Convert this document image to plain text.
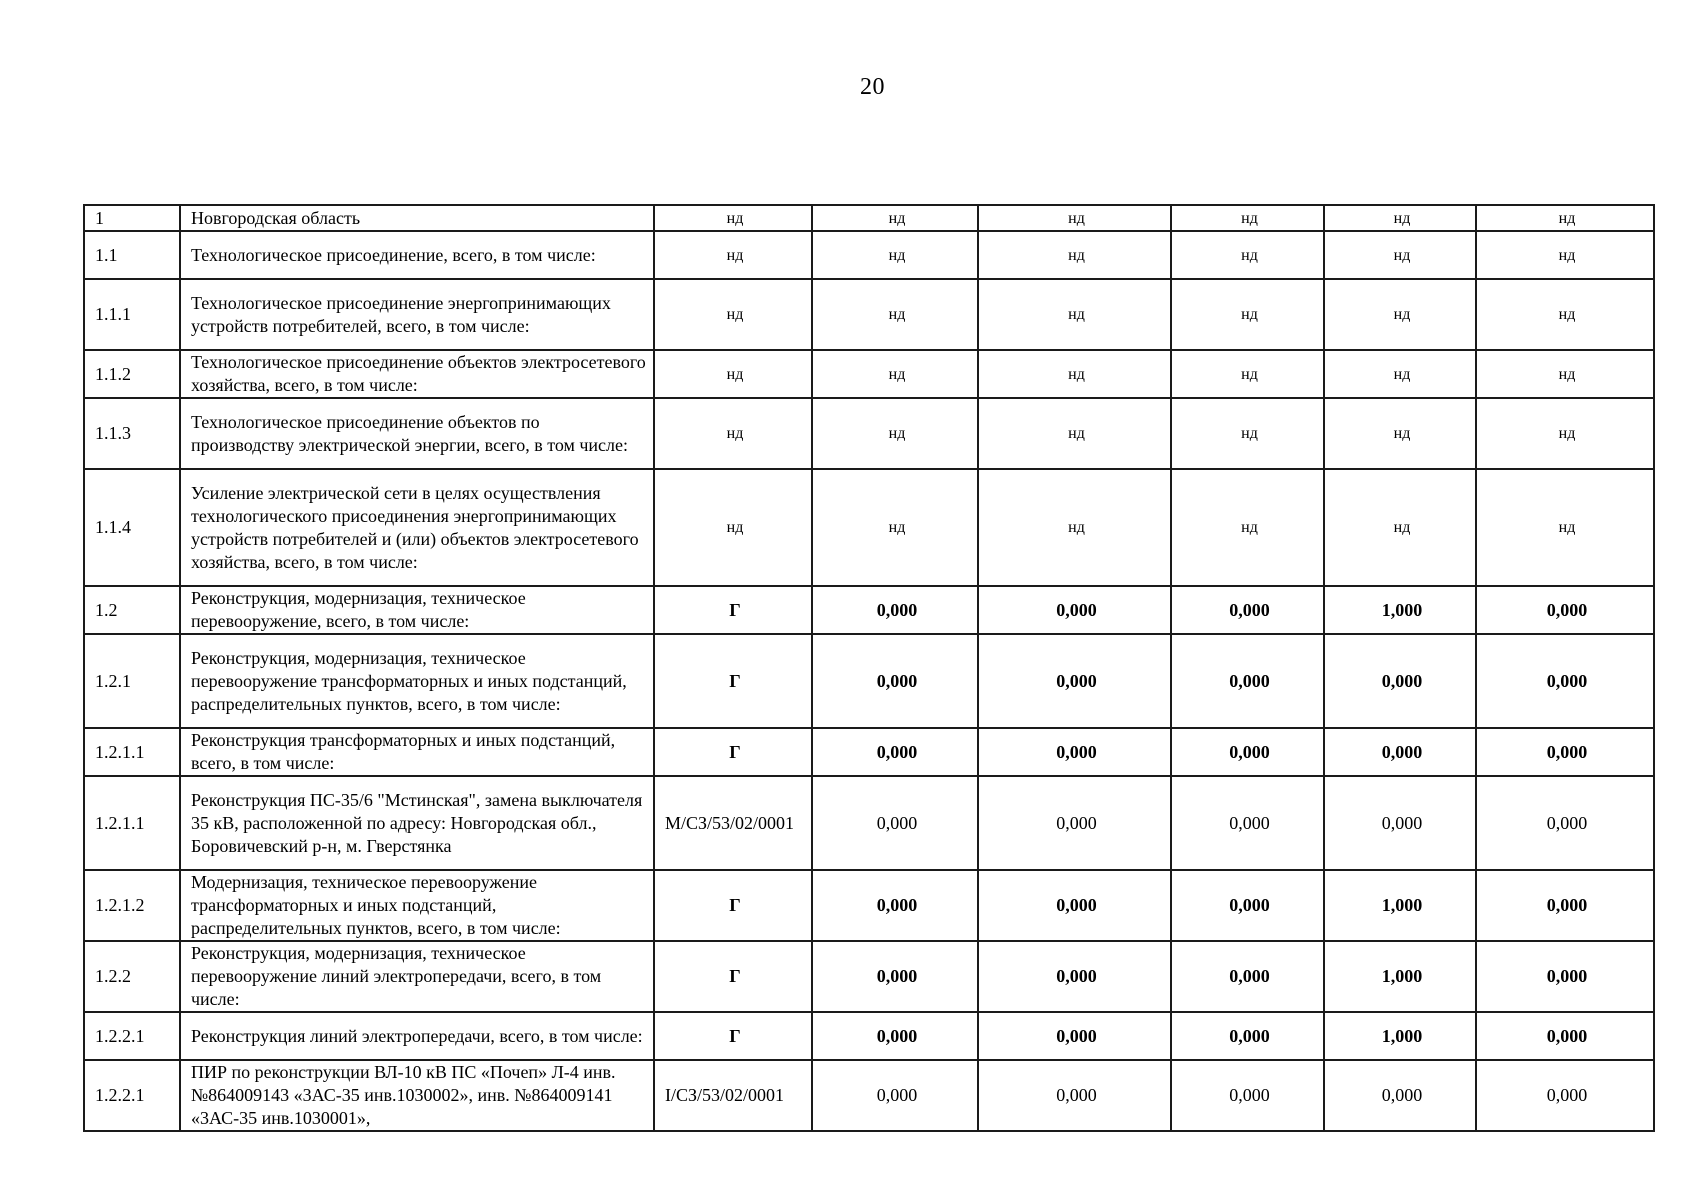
20
1	Новгородская область	нд	нд	нд	нд	нд	нд
1.1	Технологическое присоединение, всего, в том числе:	нд	нд	нд	нд	нд	нд
1.1.1	Технологическое присоединение энергопринимающих устройств потребителей, всего, в том числе:	нд	нд	нд	нд	нд	нд
1.1.2	Технологическое присоединение объектов электросетевого хозяйства, всего, в том числе:	нд	нд	нд	нд	нд	нд
1.1.3	Технологическое присоединение объектов по производству электрической энергии, всего, в том числе:	нд	нд	нд	нд	нд	нд
1.1.4	Усиление электрической сети в целях осуществления технологического присоединения энергопринимающих устройств потребителей и (или) объектов электросетевого хозяйства, всего, в том числе:	нд	нд	нд	нд	нд	нд
1.2	Реконструкция, модернизация, техническое перевооружение, всего, в том числе:	Г	0,000	0,000	0,000	1,000	0,000
1.2.1	Реконструкция, модернизация, техническое перевооружение трансформаторных и иных подстанций, распределительных пунктов, всего, в том числе:	Г	0,000	0,000	0,000	0,000	0,000
1.2.1.1	Реконструкция трансформаторных и иных подстанций, всего, в том числе:	Г	0,000	0,000	0,000	0,000	0,000
1.2.1.1	Реконструкция ПС-35/6 "Мстинская", замена выключателя 35 кВ, расположенной по адресу: Новгородская обл., Боровичевский р-н, м. Гверстянка	M/СЗ/53/02/0001	0,000	0,000	0,000	0,000	0,000
1.2.1.2	Модернизация, техническое перевооружение трансформаторных и иных подстанций, распределительных пунктов, всего, в том числе:	Г	0,000	0,000	0,000	1,000	0,000
1.2.2	Реконструкция, модернизация, техническое перевооружение линий электропередачи, всего, в том числе:	Г	0,000	0,000	0,000	1,000	0,000
1.2.2.1	Реконструкция линий электропередачи, всего, в том числе:	Г	0,000	0,000	0,000	1,000	0,000
1.2.2.1	ПИР по реконструкции ВЛ-10 кВ ПС «Почеп» Л-4 инв. №864009143 «3АС-35 инв.1030002», инв. №864009141 «3АС-35 инв.1030001»,	I/СЗ/53/02/0001	0,000	0,000	0,000	0,000	0,000
